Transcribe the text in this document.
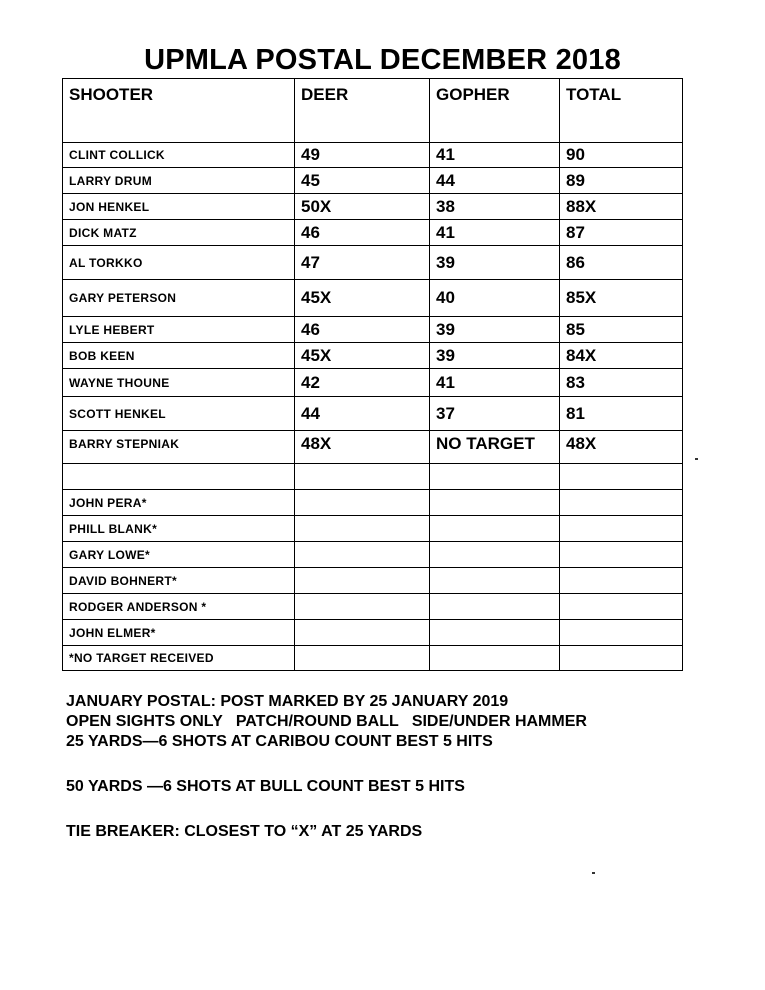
UPMLA POSTAL DECEMBER 2018
SHOOTER	DEER	GOPHER	TOTAL
CLINT COLLICK	49	41	90
LARRY DRUM	45	44	89
JON HENKEL	50X	38	88X
DICK MATZ	46	41	87
AL TORKKO	47	39	86
GARY PETERSON	45X	40	85X
LYLE HEBERT	46	39	85
BOB KEEN	45X	39	84X
WAYNE THOUNE	42	41	83
SCOTT HENKEL	44	37	81
BARRY STEPNIAK	48X	NO TARGET	48X

JOHN PERA*			
PHILL BLANK*			
GARY LOWE*			
DAVID BOHNERT*			
RODGER ANDERSON *			
JOHN ELMER*			
*NO TARGET RECEIVED			
JANUARY POSTAL: POST MARKED BY 25 JANUARY 2019
OPEN SIGHTS ONLY   PATCH/ROUND BALL   SIDE/UNDER HAMMER
25 YARDS—6 SHOTS AT CARIBOU COUNT BEST 5 HITS
50 YARDS —6 SHOTS AT BULL COUNT BEST 5 HITS
TIE BREAKER: CLOSEST TO “X” AT 25 YARDS
